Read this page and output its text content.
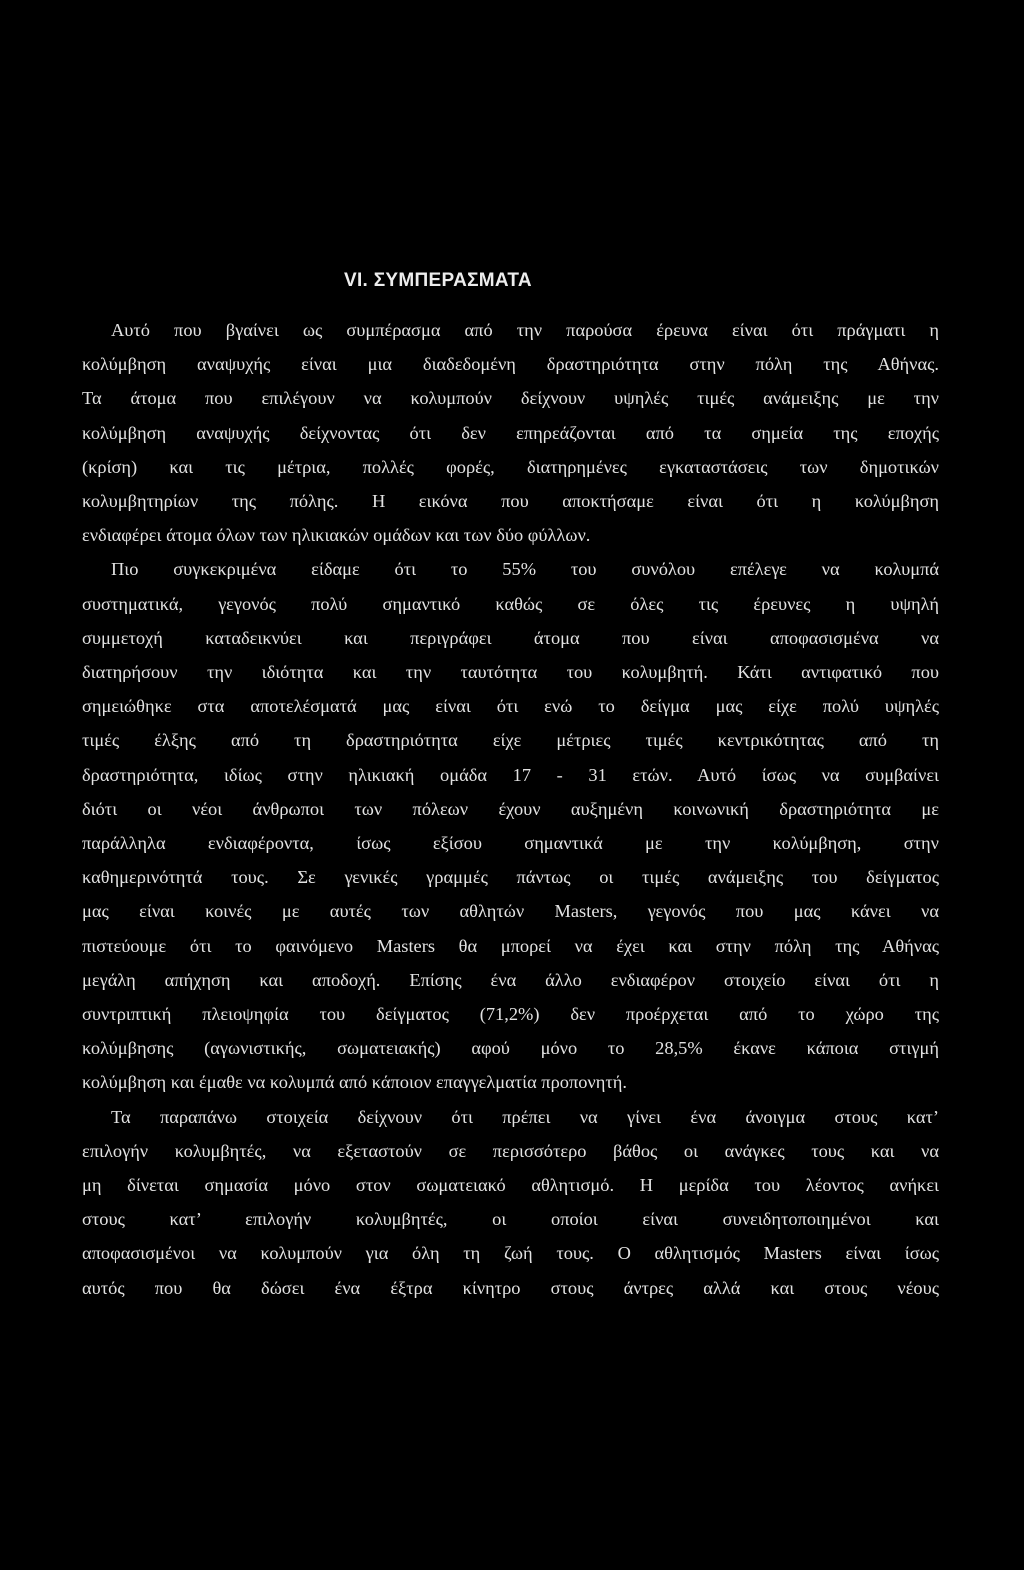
VI. ΣΥΜΠΕΡΑΣΜΑΤΑ
Αυτό που βγαίνει ως συμπέρασμα από την παρούσα έρευνα είναι ότι πράγματι η
κολύμβηση αναψυχής είναι μια διαδεδομένη δραστηριότητα στην πόλη της Αθήνας.
Τα άτομα που επιλέγουν να κολυμπούν δείχνουν υψηλές τιμές ανάμειξης με την
κολύμβηση αναψυχής δείχνοντας ότι δεν επηρεάζονται από τα σημεία της εποχής
(κρίση) και τις μέτρια, πολλές φορές, διατηρημένες εγκαταστάσεις των δημοτικών
κολυμβητηρίων της πόλης. Η εικόνα που αποκτήσαμε είναι ότι η κολύμβηση
ενδιαφέρει άτομα όλων των ηλικιακών ομάδων και των δύο φύλλων.
Πιο συγκεκριμένα είδαμε ότι το 55% του συνόλου επέλεγε να κολυμπά
συστηματικά, γεγονός πολύ σημαντικό καθώς σε όλες τις έρευνες η υψηλή
συμμετοχή καταδεικνύει και περιγράφει άτομα που είναι αποφασισμένα να
διατηρήσουν την ιδιότητα και την ταυτότητα του κολυμβητή. Κάτι αντιφατικό που
σημειώθηκε στα αποτελέσματά μας είναι ότι ενώ το δείγμα μας είχε πολύ υψηλές
τιμές έλξης από τη δραστηριότητα είχε μέτριες τιμές κεντρικότητας από τη
δραστηριότητα, ιδίως στην ηλικιακή ομάδα 17 - 31 ετών. Αυτό ίσως να συμβαίνει
διότι οι νέοι άνθρωποι των πόλεων έχουν αυξημένη κοινωνική δραστηριότητα με
παράλληλα ενδιαφέροντα, ίσως εξίσου σημαντικά με την κολύμβηση, στην
καθημερινότητά τους. Σε γενικές γραμμές πάντως οι τιμές ανάμειξης του δείγματος
μας είναι κοινές με αυτές των αθλητών Masters, γεγονός που μας κάνει να
πιστεύουμε ότι το φαινόμενο Masters θα μπορεί να έχει και στην πόλη της Αθήνας
μεγάλη απήχηση και αποδοχή. Επίσης ένα άλλο ενδιαφέρον στοιχείο είναι ότι η
συντριπτική πλειοψηφία του δείγματος (71,2%) δεν προέρχεται από το χώρο της
κολύμβησης (αγωνιστικής, σωματειακής) αφού μόνο το 28,5% έκανε κάποια στιγμή
κολύμβηση και έμαθε να κολυμπά από κάποιον επαγγελματία προπονητή.
Τα παραπάνω στοιχεία δείχνουν ότι πρέπει να γίνει ένα άνοιγμα στους κατ’
επιλογήν κολυμβητές, να εξεταστούν σε περισσότερο βάθος οι ανάγκες τους και να
μη δίνεται σημασία μόνο στον σωματειακό αθλητισμό. Η μερίδα του λέοντος ανήκει
στους κατ’ επιλογήν κολυμβητές, οι οποίοι είναι συνειδητοποιημένοι και
αποφασισμένοι να κολυμπούν για όλη τη ζωή τους. Ο αθλητισμός Masters είναι ίσως
αυτός που θα δώσει ένα έξτρα κίνητρο στους άντρες αλλά και στους νέους
